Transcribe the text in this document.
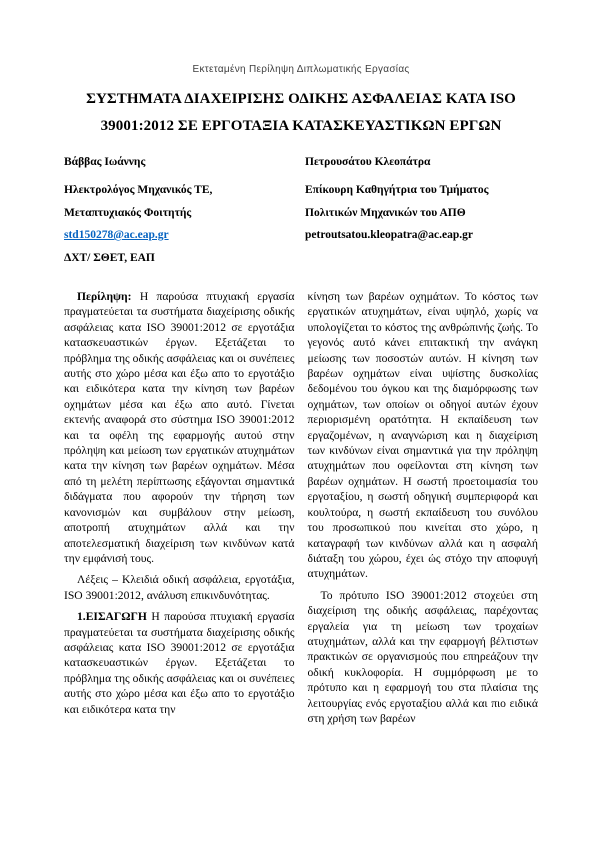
Εκτεταμένη Περίληψη Διπλωματικής Εργασίας

ΣΥΣΤΗΜΑΤΑ ΔΙΑΧΕΙΡΙΣΗΣ ΟΔΙΚΗΣ ΑΣΦΑΛΕΙΑΣ ΚΑΤΑ ISO 39001:2012 ΣΕ ΕΡΓΟΤΑΞΙΑ ΚΑΤΑΣΚΕΥΑΣΤΙΚΩΝ ΕΡΓΩΝ

Βάββας Ιωάννης

Ηλεκτρολόγος Μηχανικός ΤΕ,

Μεταπτυχιακός Φοιτητής

std150278@ac.eap.gr

ΔΧΤ/ ΣΘΕΤ, ΕΑΠ

Πετρουσάτου Κλεοπάτρα

Επίκουρη Καθηγήτρια του Τμήματος

Πολιτικών Μηχανικών του ΑΠΘ

petroutsatou.kleopatra@ac.eap.gr

Περίληψη: Η παρούσα πτυχιακή εργασία πραγματεύεται τα συστήματα διαχείρισης οδικής ασφάλειας κατα ISO 39001:2012 σε εργοτάξια κατασκευαστικών έργων. Εξετάζεται το πρόβλημα της οδικής ασφάλειας και οι συνέπειες αυτής στο χώρο μέσα και έξω απο το εργοτάξιο και ειδικότερα κατα την κίνηση των βαρέων οχημάτων μέσα και έξω απο αυτό. Γίνεται εκτενής αναφορά στο σύστημα ISO 39001:2012 και τα οφέλη της εφαρμογής αυτού στην πρόληψη και μείωση των εργατικών ατυχημάτων κατα την κίνηση των βαρέων οχημάτων. Μέσα από τη μελέτη περίπτωσης εξάγονται σημαντικά διδάγματα που αφορούν την τήρηση των κανονισμών και συμβάλουν στην μείωση, αποτροπή ατυχημάτων αλλά και την αποτελεσματική διαχείριση των κινδύνων κατά την εμφάνισή τους.

Λέξεις – Κλειδιά οδική ασφάλεια, εργοτάξια, ISO 39001:2012, ανάλυση επικινδυνότητας.

1.ΕΙΣΑΓΩΓΗ Η παρούσα πτυχιακή εργασία πραγματεύεται τα συστήματα διαχείρισης οδικής ασφάλειας κατα ISO 39001:2012 σε εργοτάξια κατασκευαστικών έργων. Εξετάζεται το πρόβλημα της οδικής ασφάλειας και οι συνέπειες αυτής στο χώρο μέσα και έξω απο το εργοτάξιο και ειδικότερα κατα την

κίνηση των βαρέων οχημάτων. Το κόστος των εργατικών ατυχημάτων, είναι υψηλό, χωρίς να υπολογίζεται το κόστος της ανθρώπινής ζωής. Το γεγονός αυτό κάνει επιτακτική την ανάγκη μείωσης των ποσοστών αυτών. Η κίνηση των βαρέων οχημάτων είναι υψίστης δυσκολίας δεδομένου του όγκου και της διαμόρφωσης των οχημάτων, των οποίων οι οδηγοί αυτών έχουν περιορισμένη ορατότητα. Η εκπαίδευση των εργαζομένων, η αναγνώριση και η διαχείριση των κινδύνων είναι σημαντικά για την πρόληψη ατυχημάτων που οφείλονται στη κίνηση των βαρέων οχημάτων. Η σωστή προετοιμασία του εργοταξίου, η σωστή οδηγική συμπεριφορά και κουλτούρα, η σωστή εκπαίδευση του συνόλου του προσωπικού που κινείται στο χώρο, η καταγραφή των κινδύνων αλλά και η ασφαλή διάταξη του χώρου, έχει ώς στόχο την αποφυγή ατυχημάτων.

Το πρότυπο ISO 39001:2012 στοχεύει στη διαχείριση της οδικής ασφάλειας, παρέχοντας εργαλεία για τη μείωση των τροχαίων ατυχημάτων, αλλά και την εφαρμογή βέλτιστων πρακτικών σε οργανισμούς που επηρεάζουν την οδική κυκλοφορία. Η συμμόρφωση με το πρότυπο και η εφαρμογή του στα πλαίσια της λειτουργίας ενός εργοταξίου αλλά και πιο ειδικά στη χρήση των βαρέων
